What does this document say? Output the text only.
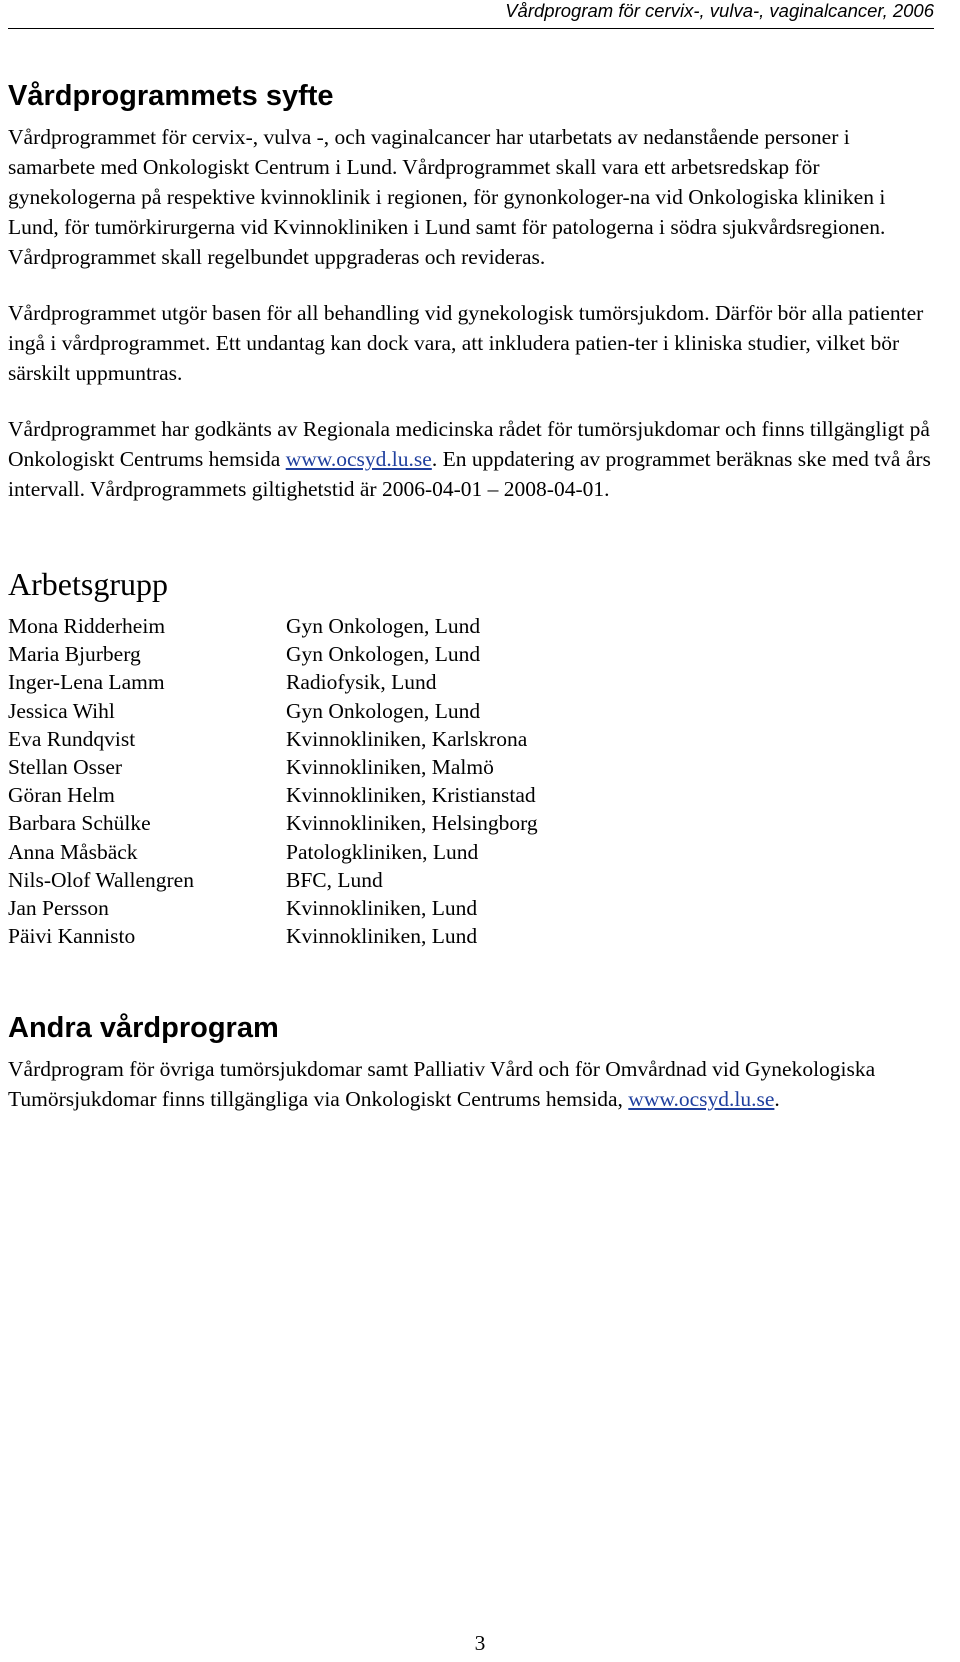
Vårdprogram för cervix-, vulva-, vaginalcancer, 2006
Vårdprogrammets syfte

Vårdprogrammet för cervix-, vulva -, och vaginalcancer har utarbetats av nedanstående personer i samarbete med Onkologiskt Centrum i Lund. Vårdprogrammet skall vara ett arbetsredskap för gynekologerna på respektive kvinnoklinik i regionen, för gynonkologer-na vid Onkologiska kliniken i Lund, för tumörkirurgerna vid Kvinnokliniken i Lund samt för patologerna i södra sjukvårdsregionen. Vårdprogrammet skall regelbundet uppgraderas och revideras.

Vårdprogrammet utgör basen för all behandling vid gynekologisk tumörsjukdom. Därför bör alla patienter ingå i vårdprogrammet. Ett undantag kan dock vara, att inkludera patien-ter i kliniska studier, vilket bör särskilt uppmuntras.

Vårdprogrammet har godkänts av Regionala medicinska rådet för tumörsjukdomar och finns tillgängligt på Onkologiskt Centrums hemsida www.ocsyd.lu.se. En uppdatering av programmet beräknas ske med två års intervall. Vårdprogrammets giltighetstid är 2006-04-01 – 2008-04-01.

Arbetsgrupp
Mona Ridderheim	Gyn Onkologen, Lund
Maria Bjurberg	Gyn Onkologen, Lund
Inger-Lena Lamm	Radiofysik, Lund
Jessica Wihl	Gyn Onkologen, Lund
Eva Rundqvist	Kvinnokliniken, Karlskrona
Stellan Osser	Kvinnokliniken, Malmö
Göran Helm	Kvinnokliniken, Kristianstad
Barbara Schülke	Kvinnokliniken, Helsingborg
Anna Måsbäck	Patologkliniken, Lund
Nils-Olof Wallengren	BFC, Lund
Jan Persson	Kvinnokliniken, Lund
Päivi Kannisto	Kvinnokliniken, Lund
Andra vårdprogram

Vårdprogram för övriga tumörsjukdomar samt Palliativ Vård och för Omvårdnad vid Gynekologiska Tumörsjukdomar finns tillgängliga via Onkologiskt Centrums hemsida, www.ocsyd.lu.se.

3
